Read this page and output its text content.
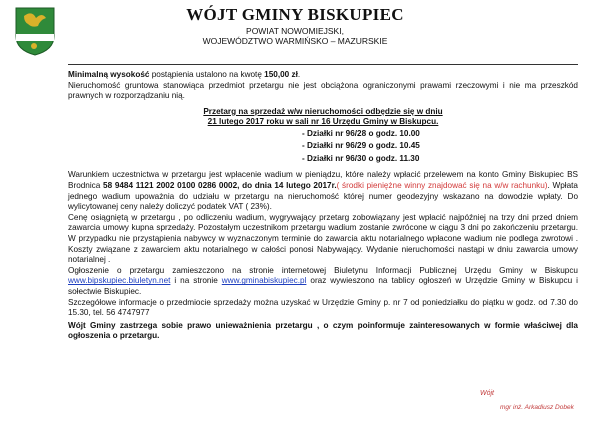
WÓJT GMINY BISKUPIEC
POWIAT NOWOMIEJSKI,
WOJEWÓDZTWO WARMIŃSKO – MAZURSKIE

Minimalną wysokość postąpienia ustalono na kwotę 150,00 zł.

Nieruchomość gruntowa stanowiąca przedmiot przetargu nie jest obciążona ograniczonymi prawami rzeczowymi i nie ma przeszkód prawnych w rozporządzaniu nią.

Przetarg na sprzedaż w/w nieruchomości odbędzie się w dniu
21 lutego 2017 roku w sali nr 16 Urzędu Gminy w Biskupcu.

- Działki nr 96/28 o godz. 10.00
- Działki nr 96/29 o godz. 10.45
- Działki nr 96/30 o godz. 11.30

Warunkiem uczestnictwa w przetargu jest wpłacenie wadium w pieniądzu, które należy wpłacić przelewem na konto Gminy Biskupiec BS Brodnica 58 9484 1121 2002 0100 0286 0002, do dnia 14 lutego 2017r.( środki pieniężne winny znajdować się na w/w rachunku). Wpłata jednego wadium upoważnia do udziału w przetargu na nieruchomość której numer geodezyjny wskazano na dowodzie wpłaty. Do wylicytowanej ceny należy doliczyć podatek VAT ( 23%).

Cenę osiągniętą w przetargu , po odliczeniu wadium, wygrywający przetarg zobowiązany jest wpłacić najpóźniej na trzy dni przed dniem zawarcia umowy kupna sprzedaży. Pozostałym uczestnikom przetargu wadium zostanie zwrócone w ciągu 3 dni po zakończeniu przetargu. W przypadku nie przystąpienia nabywcy w wyznaczonym terminie do zawarcia aktu notarialnego wpłacone wadium nie podlega zwrotowi . Koszty związane z zawarciem aktu notarialnego w całości ponosi Nabywający. Wydanie nieruchomości nastąpi w dniu zawarcia umowy notarialnej .

Ogłoszenie o przetargu zamieszczono na stronie internetowej Biuletynu Informacji Publicznej Urzędu Gminy w Biskupcu www.bipskupiec.biuletyn.net i na stronie www.gminabiskupiec.pl oraz wywieszono na tablicy ogłoszeń w Urzędzie Gminy w Biskupcu i sołectwie Biskupiec.

Szczegółowe informacje o przedmiocie sprzedaży można uzyskać w Urzędzie Gminy p. nr 7 od poniedziałku do piątku w godz. od 7.30 do 15.30, tel. 56 4747977

Wójt Gminy zastrzega sobie prawo unieważnienia przetargu , o czym poinformuje zainteresowanych w formie właściwej dla ogłoszenia o przetargu.

Wójt
mgr inż. Arkadiusz Dobek
